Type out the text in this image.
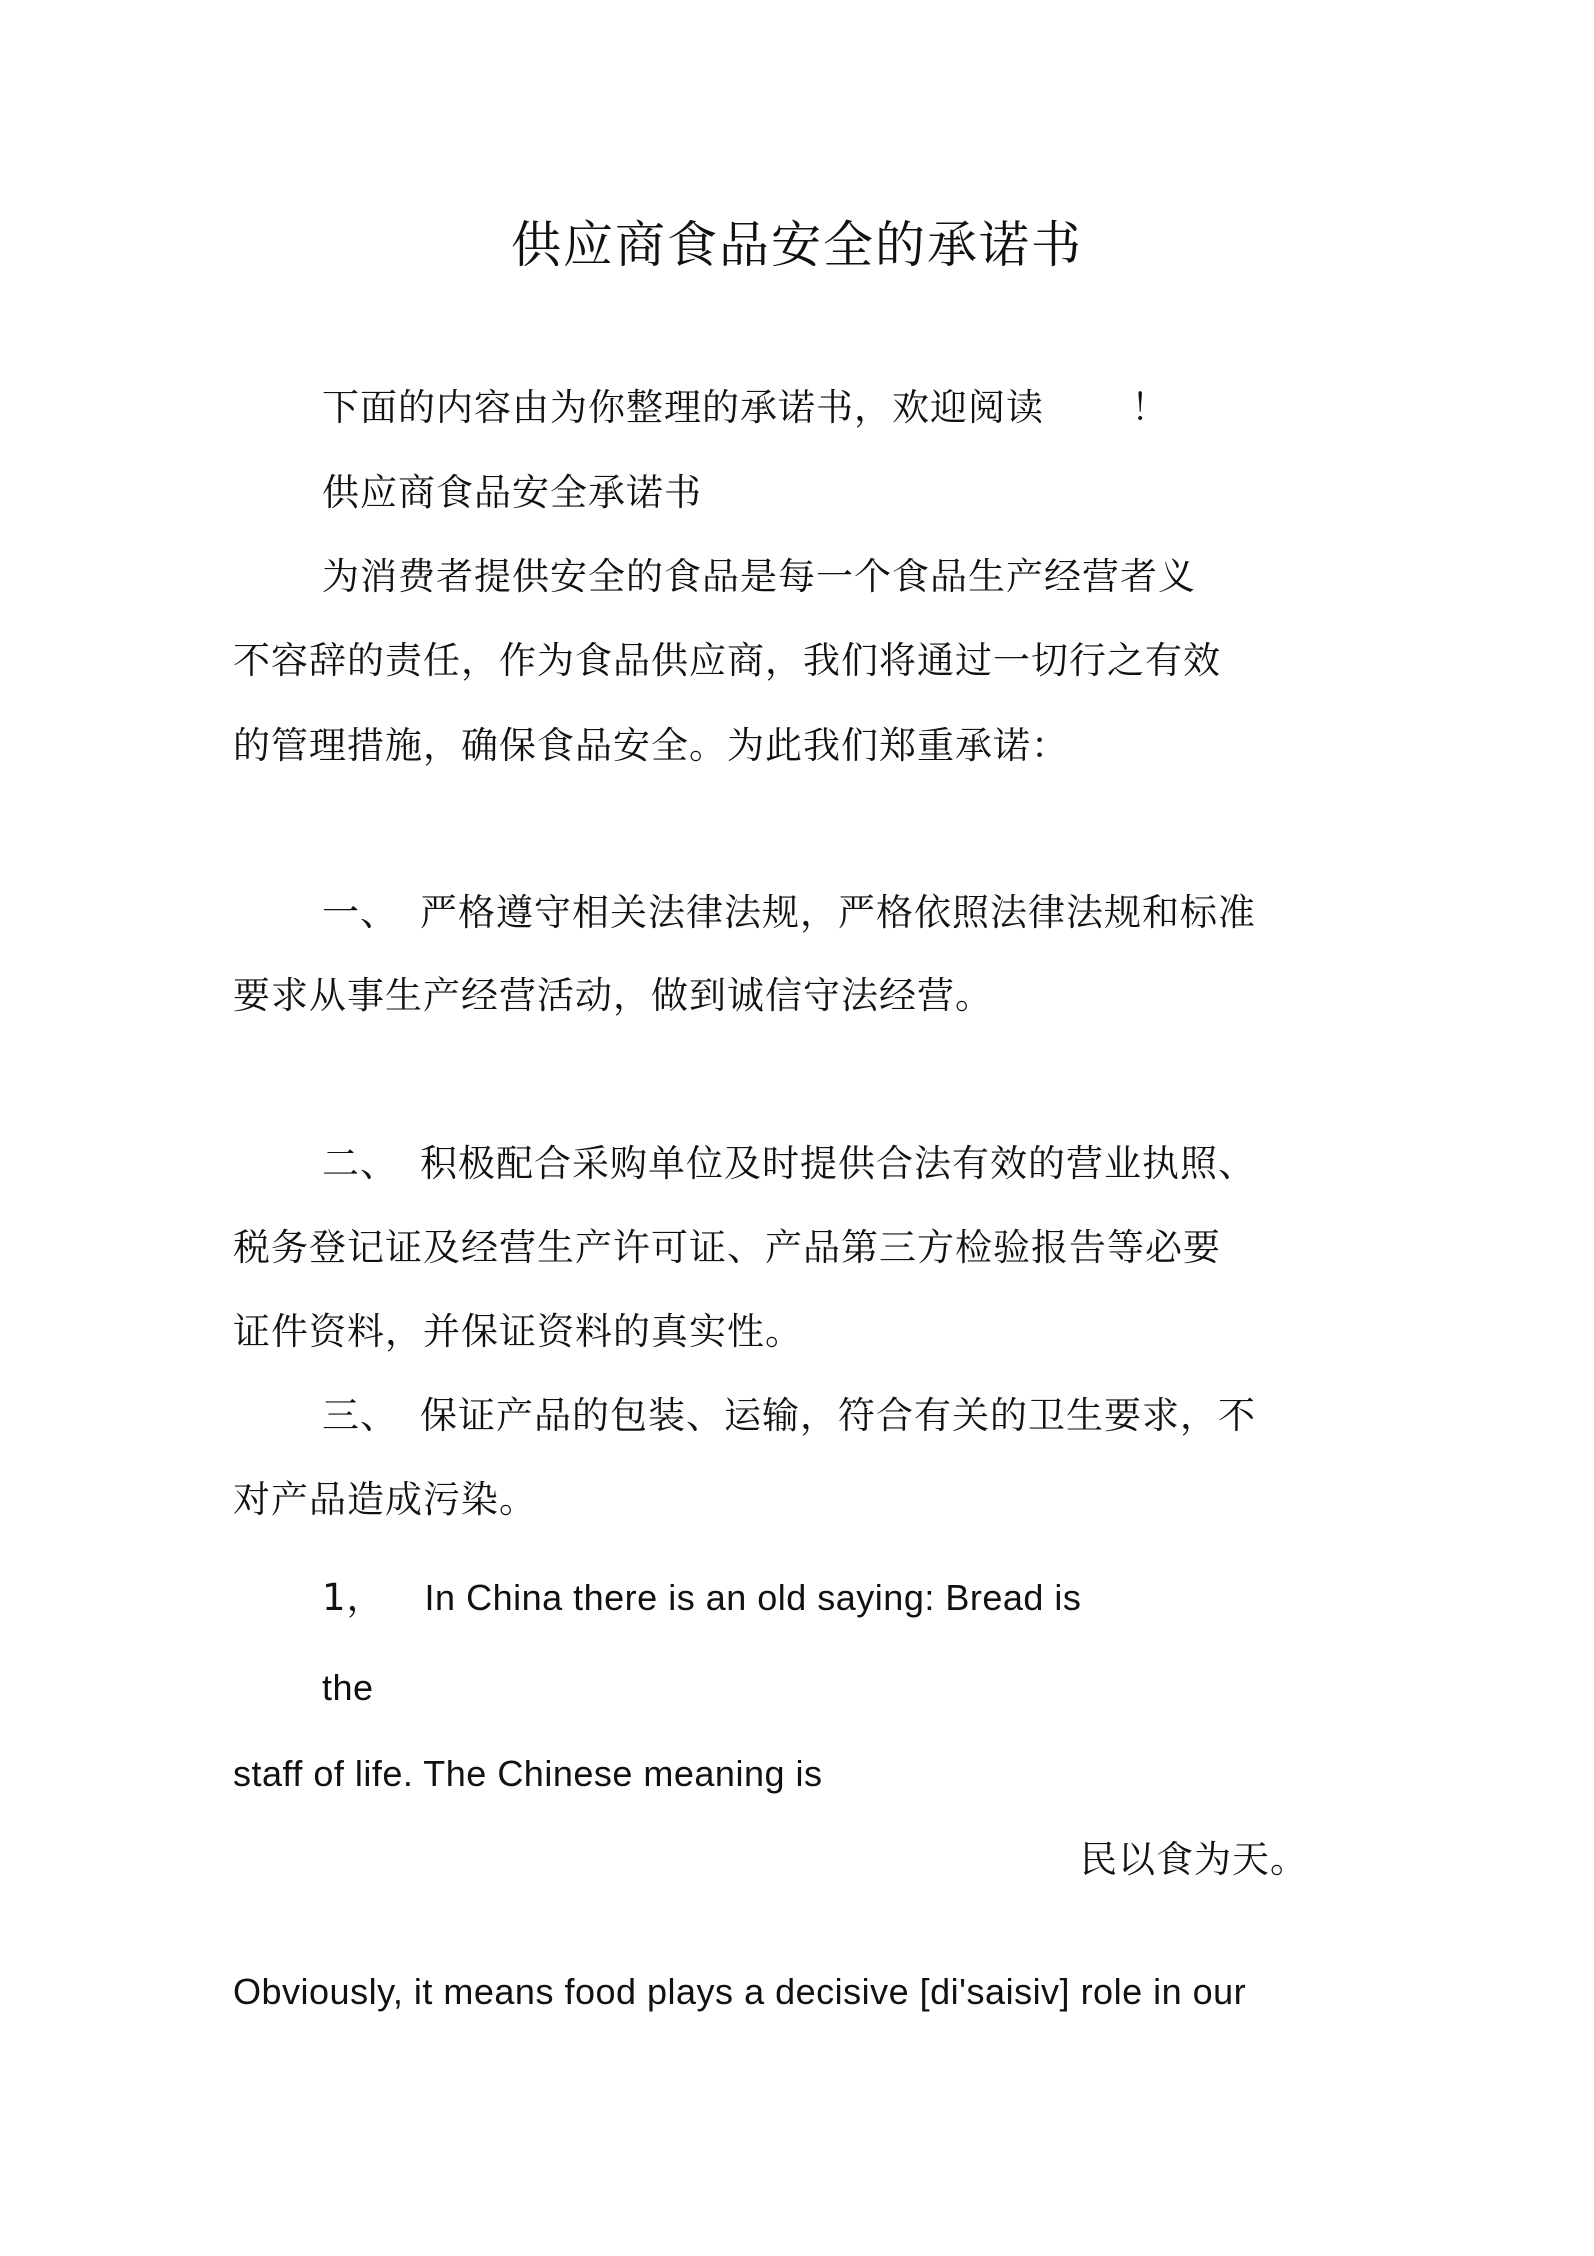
供应商食品安全的承诺书
下面的内容由为你整理的承诺书，欢迎阅读 ！
供应商食品安全承诺书
为消费者提供安全的食品是每一个食品生产经营者义
不容辞的责任，作为食品供应商，我们将通过一切行之有效
的管理措施，确保食品安全。为此我们郑重承诺：
一、 严格遵守相关法律法规，严格依照法律法规和标准
要求从事生产经营活动，做到诚信守法经营。
二、 积极配合采购单位及时提供合法有效的营业执照、
税务登记证及经营生产许可证、产品第三方检验报告等必要
证件资料，并保证资料的真实性。
三、 保证产品的包装、运输，符合有关的卫生要求，不
对产品造成污染。
1， In China there is an old saying: Bread is
the
staff of life. The Chinese meaning is
民以食为天。
Obviously, it means food plays a decisive [di'saisiv] role in our
